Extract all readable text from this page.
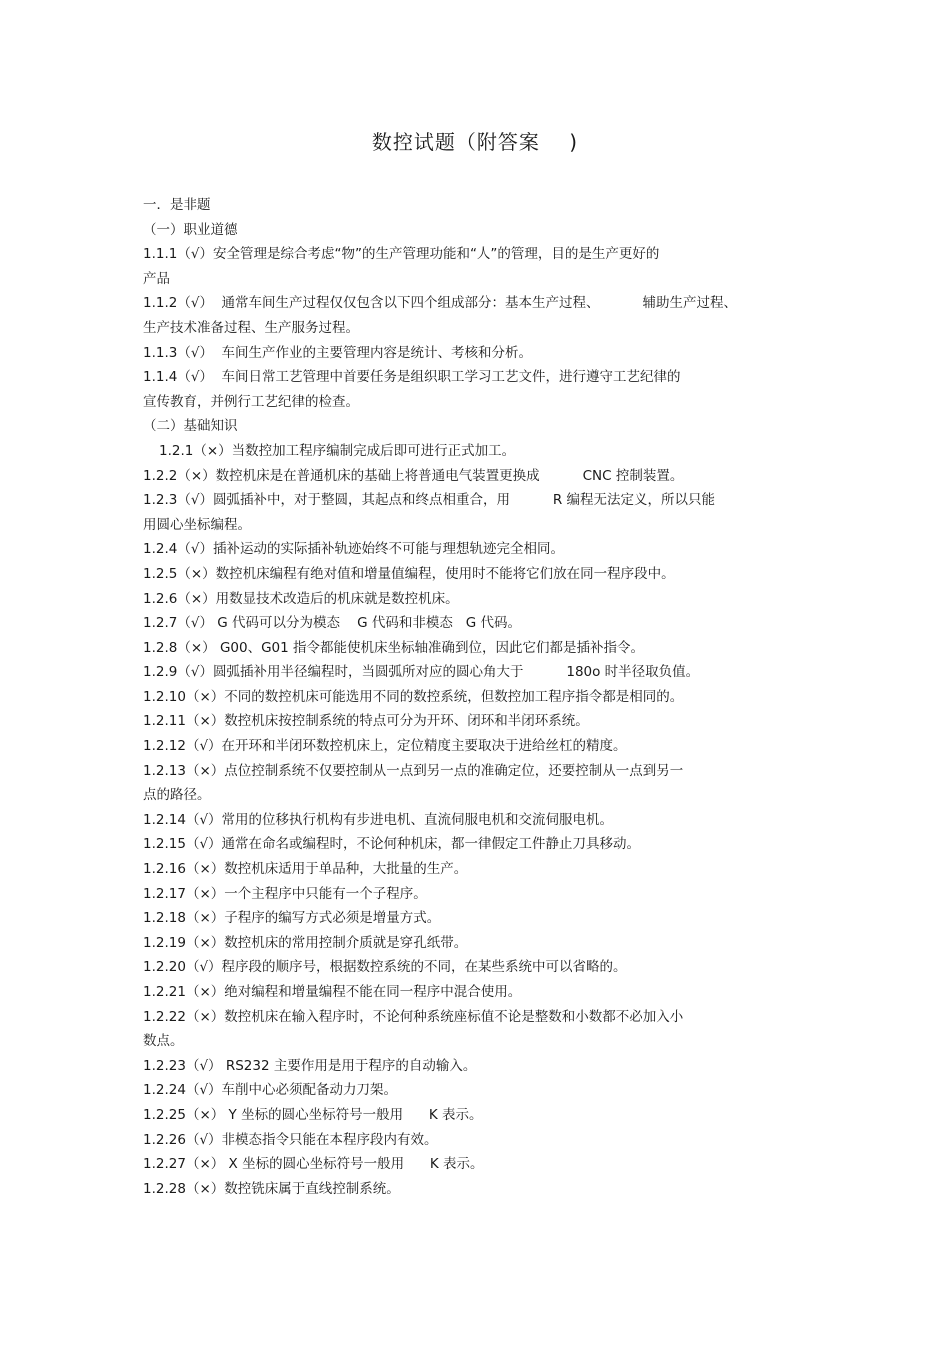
数控试题（附答案    )
一．是非题
（一）职业道德
1.1.1（√）安全管理是综合考虑“物”的生产管理功能和“人”的管理，目的是生产更好的
产品
1.1.2（√）  通常车间生产过程仅仅包含以下四个组成部分：基本生产过程、          辅助生产过程、
生产技术准备过程、生产服务过程。
1.1.3（√）  车间生产作业的主要管理内容是统计、考核和分析。
1.1.4（√）  车间日常工艺管理中首要任务是组织职工学习工艺文件，进行遵守工艺纪律的
宣传教育，并例行工艺纪律的检查。
（二）基础知识
1.2.1（×）当数控加工程序编制完成后即可进行正式加工。
1.2.2（×）数控机床是在普通机床的基础上将普通电气装置更换成          CNC 控制装置。
1.2.3（√）圆弧插补中，对于整圆，其起点和终点相重合，用          R 编程无法定义，所以只能
用圆心坐标编程。
1.2.4（√）插补运动的实际插补轨迹始终不可能与理想轨迹完全相同。
1.2.5（×）数控机床编程有绝对值和增量值编程，使用时不能将它们放在同一程序段中。
1.2.6（×）用数显技术改造后的机床就是数控机床。
1.2.7（√） G 代码可以分为模态    G 代码和非模态   G 代码。
1.2.8（×） G00、G01 指令都能使机床坐标轴准确到位，因此它们都是插补指令。
1.2.9（√）圆弧插补用半径编程时，当圆弧所对应的圆心角大于          180o 时半径取负值。
1.2.10（×）不同的数控机床可能选用不同的数控系统，但数控加工程序指令都是相同的。
1.2.11（×）数控机床按控制系统的特点可分为开环、闭环和半闭环系统。
1.2.12（√）在开环和半闭环数控机床上，定位精度主要取决于进给丝杠的精度。
1.2.13（×）点位控制系统不仅要控制从一点到另一点的准确定位，还要控制从一点到另一
点的路径。
1.2.14（√）常用的位移执行机构有步进电机、直流伺服电机和交流伺服电机。
1.2.15（√）通常在命名或编程时，不论何种机床，都一律假定工件静止刀具移动。
1.2.16（×）数控机床适用于单品种，大批量的生产。
1.2.17（×）一个主程序中只能有一个子程序。
1.2.18（×）子程序的编写方式必须是增量方式。
1.2.19（×）数控机床的常用控制介质就是穿孔纸带。
1.2.20（√）程序段的顺序号，根据数控系统的不同，在某些系统中可以省略的。
1.2.21（×）绝对编程和增量编程不能在同一程序中混合使用。
1.2.22（×）数控机床在输入程序时，不论何种系统座标值不论是整数和小数都不必加入小
数点。
1.2.23（√） RS232 主要作用是用于程序的自动输入。
1.2.24（√）车削中心必须配备动力刀架。
1.2.25（×） Y 坐标的圆心坐标符号一般用      K 表示。
1.2.26（√）非模态指令只能在本程序段内有效。
1.2.27（×） X 坐标的圆心坐标符号一般用      K 表示。
1.2.28（×）数控铣床属于直线控制系统。
